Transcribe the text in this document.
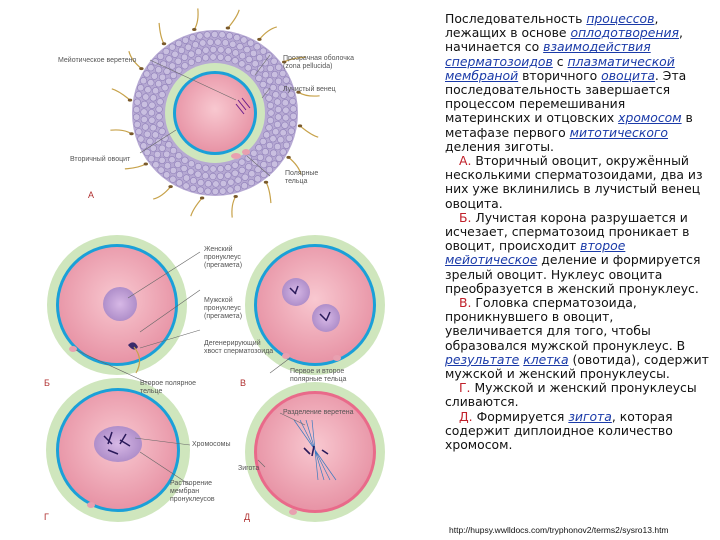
Мейотическое веретено	Прозрачная оболочка (zona pellucida)
Лучистый венец
Вторичный овоцит
Полярные тельца
А
Женский пронуклеус (прегамета)
Мужской пронуклеус (прегамета)
Дегенерирующий хвост сперматозоида
Второе полярное тельце
Б
Первое и второе полярные тельца
В
Хромосомы
Растворение мембран пронуклеусов
Г
Разделение веретена
Зигота
Д

Последовательность процессов, лежащих в основе оплодотворения, начинается со взаимодействия сперматозоидов с плазматической мембраной вторичного овоцита. Эта последовательность завершается процессом перемешивания материнских и отцовских хромосом в метафазе первого митотического деления зиготы.

А. Вторичный овоцит, окружённый несколькими сперматозоидами, два из них уже вклинились в лучистый венец овоцита.

Б. Лучистая корона разрушается и исчезает, сперматозоид проникает в овоцит, происходит второе мейотическое деление и формируется зрелый овоцит. Нуклеус овоцита преобразуется в женский пронуклеус.

В. Головка сперматозоида, проникнувшего в овоцит, увеличивается для того, чтобы образовался мужской пронуклеус. В результате клетка (овотида), содержит мужской и женский пронуклеусы.

Г. Мужской и женский пронуклеусы сливаются.

Д. Формируется зигота, которая содержит диплоидное количество хромосом.

http://hupsy.wwlldocs.com/tryphonov2/terms2/sysro13.htm
